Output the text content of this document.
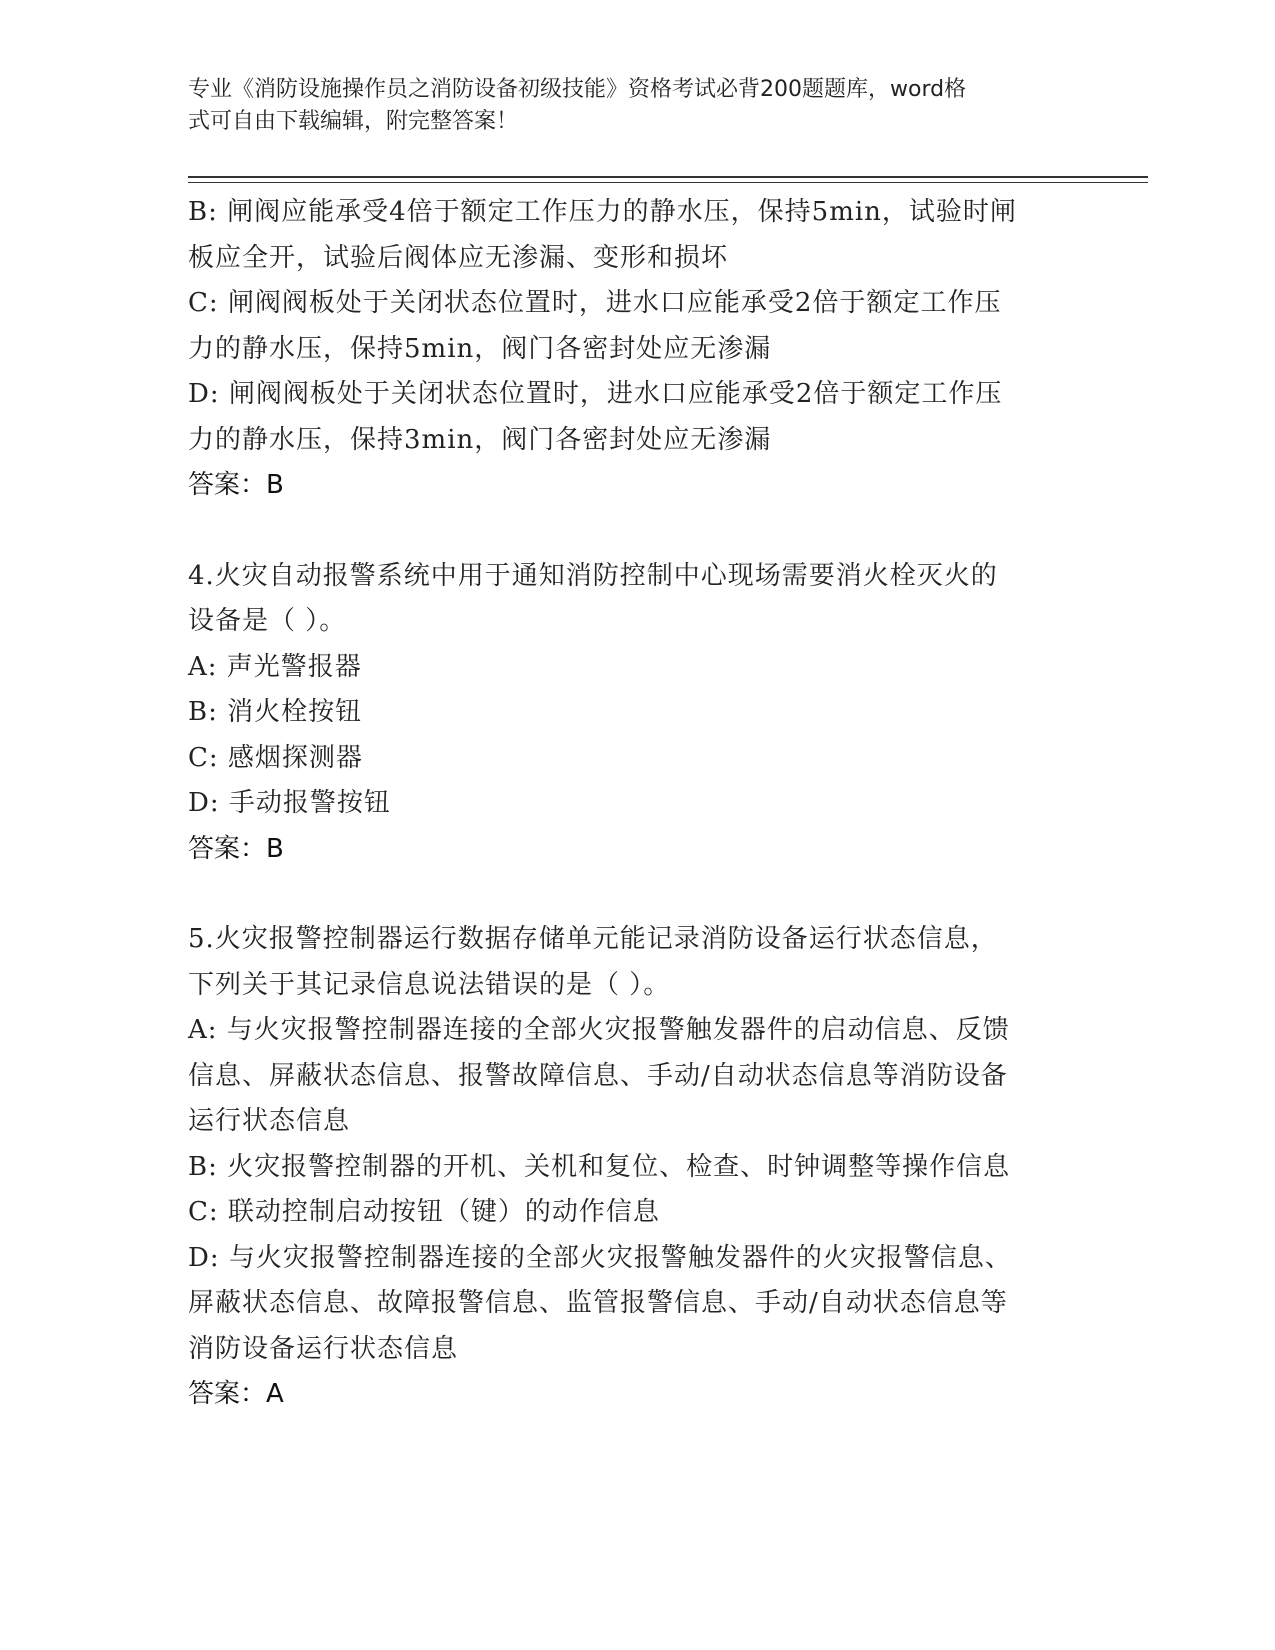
专业《消防设施操作员之消防设备初级技能》资格考试必背200题题库，word格
式可自由下载编辑，附完整答案！
B: 闸阀应能承受4倍于额定工作压力的静水压，保持5min，试验时闸
板应全开，试验后阀体应无渗漏、变形和损坏
C: 闸阀阀板处于关闭状态位置时，进水口应能承受2倍于额定工作压
力的静水压，保持5min，阀门各密封处应无渗漏
D: 闸阀阀板处于关闭状态位置时，进水口应能承受2倍于额定工作压
力的静水压，保持3min，阀门各密封处应无渗漏
答案：B
4.火灾自动报警系统中用于通知消防控制中心现场需要消火栓灭火的
设备是（ ）。
A: 声光警报器
B: 消火栓按钮
C: 感烟探测器
D: 手动报警按钮
答案：B
5.火灾报警控制器运行数据存储单元能记录消防设备运行状态信息，
下列关于其记录信息说法错误的是（ ）。
A: 与火灾报警控制器连接的全部火灾报警触发器件的启动信息、反馈
信息、屏蔽状态信息、报警故障信息、手动/自动状态信息等消防设备
运行状态信息
B: 火灾报警控制器的开机、关机和复位、检查、时钟调整等操作信息
C: 联动控制启动按钮（键）的动作信息
D: 与火灾报警控制器连接的全部火灾报警触发器件的火灾报警信息、
屏蔽状态信息、故障报警信息、监管报警信息、手动/自动状态信息等
消防设备运行状态信息
答案：A
